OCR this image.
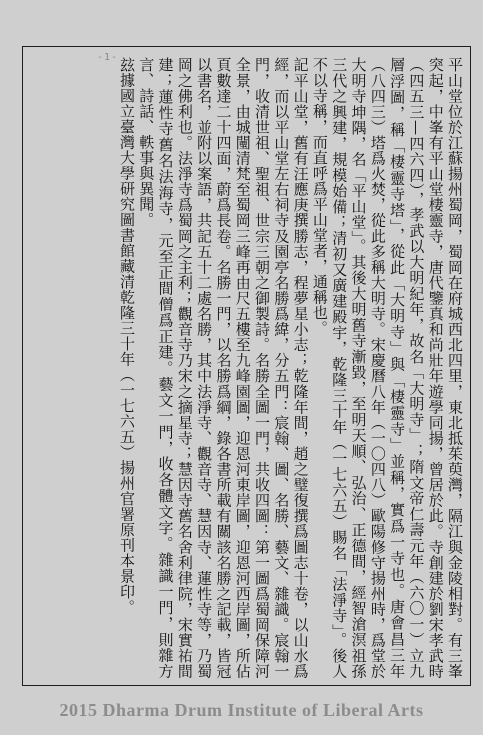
平山堂位於江蘇揚州蜀岡，蜀岡在府城西北四里，東北抵茱萸灣，隔江與金陵相對。有三峯突起，中峯有平山堂棲靈寺，唐代鑒真和尚壯年遊學同揚，曾居於此。寺創建於劉宋孝武時（四五三—四六四），孝武以大明紀年，故名「大明寺」；隋文帝仁壽元年（六〇一）立九層浮圖，稱「棲靈寺塔」，從此「大明寺」與「棲靈寺」並稱，實爲一寺也。唐會昌三年（八四三）塔爲火焚，從此多稱大明寺。宋慶曆八年（一〇四八）歐陽修守揚州時，爲堂於大明寺坤隅，名「平山堂」。其後大明舊寺漸毀，至明天順、弘治、正德間，經智滄溟祖孫三代之興建，規模始備；清初又廣建殿宇，乾隆三十年（一七六五）賜名「法淨寺」。後人不以寺稱，而直呼爲平山堂者，通稱也。

記平山堂，舊有汪應庚撰勝志，程夢星小志；乾隆年間，趙之璧復撰爲圖志十卷，以山水爲經，而以平山堂左右祠寺及園亭名勝爲緯，分五門：宸翰、圖、名勝、藝文、雜識。宸翰一門，收清世祖、聖祖、世宗三朝之御製詩。名勝全圖一門，共收四圖：第一圖爲蜀岡保障河全景，由城闉清梵至蜀岡三峰再由尺五樓至九峰園圖，迎恩河東岸圖，迎恩河西岸圖，所佔頁數達二十四面，蔚爲長卷。名勝一門，以名勝爲綱，錄各書所載有關該名勝之記載，皆冠以書名，並附以案語，共記五十二處名勝，其中法淨寺、觀音寺、慧因寺、蓮性寺等，乃蜀岡之佛利也。法淨寺爲蜀岡之主利；觀音寺乃宋之摘星寺；慧因寺舊名舍利律院，宋實祐間建；蓮性寺舊名法海寺，元至正間僧爲正建。藝文一門，收各體文字。雜識一門，則雜方言、詩話、軼事與異聞。

玆據國立臺灣大學研究圖書館藏清乾隆三十年（一七六五）揚州官署原刊本景印。

-1-
2015 Dharma Drum Institute of Liberal Arts
